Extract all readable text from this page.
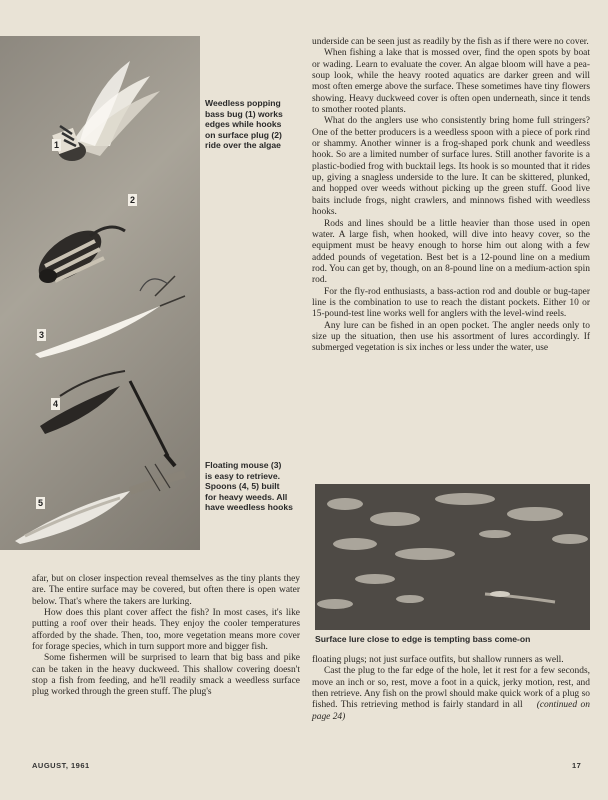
1
2
3
4
5
Weedless popping
bass bug (1) works
edges while hooks
on surface plug (2)
ride over the algae
Floating mouse (3)
is easy to retrieve.
Spoons (4, 5) built
for heavy weeds. All
have weedless hooks

afar, but on closer inspection reveal themselves as the tiny plants they are. The entire surface may be covered, but often there is open water below. That's where the takers are lurking.

How does this plant cover affect the fish? In most cases, it's like putting a roof over their heads. They enjoy the cooler temperatures afforded by the shade. Then, too, more vegetation means more cover for forage species, which in turn support more and bigger fish.

Some fishermen will be surprised to learn that big bass and pike can be taken in the heavy duckweed. This shallow covering doesn't stop a fish from feeding, and he'll readily smack a weedless surface plug worked through the green stuff. The plug's

underside can be seen just as readily by the fish as if there were no cover.

When fishing a lake that is mossed over, find the open spots by boat or wading. Learn to evaluate the cover. An algae bloom will have a pea-soup look, while the heavy rooted aquatics are darker green and will most often emerge above the surface. These sometimes have tiny flowers showing. Heavy duckweed cover is often open underneath, since it tends to smother rooted plants.

What do the anglers use who consistently bring home full stringers? One of the better producers is a weedless spoon with a piece of pork rind or shammy. Another winner is a frog-shaped pork chunk and weedless hook. So are a limited number of surface lures. Still another favorite is a plastic-bodied frog with bucktail legs. Its hook is so mounted that it rides up, giving a snagless underside to the lure. It can be skittered, plunked, and hopped over weeds without picking up the green stuff. Good live baits include frogs, night crawlers, and minnows fished with weedless hooks.

Rods and lines should be a little heavier than those used in open water. A large fish, when hooked, will dive into heavy cover, so the equipment must be heavy enough to horse him out along with a few added pounds of vegetation. Best bet is a 12-pound line on a medium rod. You can get by, though, on an 8-pound line on a medium-action spin rod.

For the fly-rod enthusiasts, a bass-action rod and double or bug-taper line is the combination to use to reach the distant pockets. Either 10 or 15-pound-test line works well for anglers with the level-wind reels.

Any lure can be fished in an open pocket. The angler needs only to size up the situation, then use his assortment of lures accordingly. If submerged vegetation is six inches or less under the water, use

Surface lure close to edge is tempting bass come-on

floating plugs; not just surface outfits, but shallow runners as well.

Cast the plug to the far edge of the hole, let it rest for a few seconds, move an inch or so, rest, move a foot in a quick, jerky motion, rest, and then retrieve. Any fish on the prowl should make quick work of a plug so fished. This retrieving method is fairly standard in all (continued on page 24)

AUGUST, 1961	17
